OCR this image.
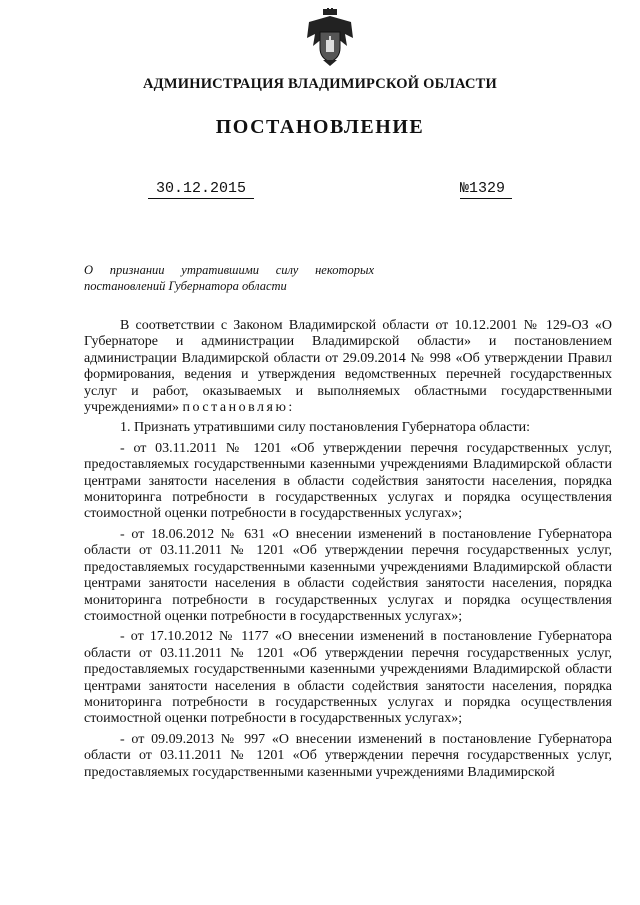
АДМИНИСТРАЦИЯ ВЛАДИМИРСКОЙ ОБЛАСТИ
ПОСТАНОВЛЕНИЕ
30.12.2015	№1329
О признании утратившими силу некоторых постановлений Губернатора области

В соответствии с Законом Владимирской области от 10.12.2001 № 129-ОЗ «О Губернаторе и администрации Владимирской области» и постановлением администрации Владимирской области от 29.09.2014 № 998 «Об утверждении Правил формирования, ведения и утверждения ведомственных перечней государственных услуг и работ, оказываемых и выполняемых областными государственными учреждениями» постановляю:

1. Признать утратившими силу постановления Губернатора области:

- от 03.11.2011 № 1201 «Об утверждении перечня государственных услуг, предоставляемых государственными казенными учреждениями Владимирской области центрами занятости населения в области содействия занятости населения, порядка мониторинга потребности в государственных услугах и порядка осуществления стоимостной оценки потребности в государственных услугах»;

- от 18.06.2012 № 631 «О внесении изменений в постановление Губернатора области от 03.11.2011 № 1201 «Об утверждении перечня государственных услуг, предоставляемых государственными казенными учреждениями Владимирской области центрами занятости населения в области содействия занятости населения, порядка мониторинга потребности в государственных услугах и порядка осуществления стоимостной оценки потребности в государственных услугах»;

- от 17.10.2012 № 1177 «О внесении изменений в постановление Губернатора области от 03.11.2011 № 1201 «Об утверждении перечня государственных услуг, предоставляемых государственными казенными учреждениями Владимирской области центрами занятости населения в области содействия занятости населения, порядка мониторинга потребности в государственных услугах и порядка осуществления стоимостной оценки потребности в государственных услугах»;

- от 09.09.2013 № 997 «О внесении изменений в постановление Губернатора области от 03.11.2011 № 1201 «Об утверждении перечня государственных услуг, предоставляемых государственными казенными учреждениями Владимирской
